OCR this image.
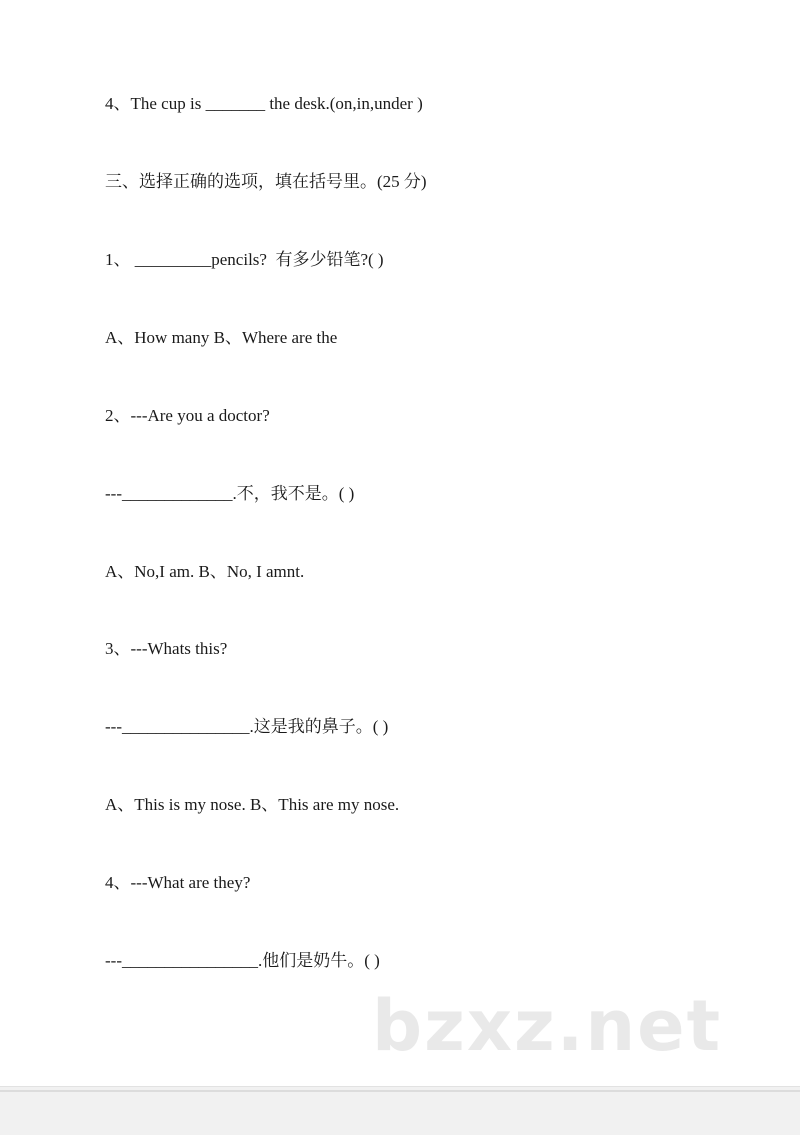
4、The cup is _______ the desk.(on,in,under )
三、选择正确的选项，填在括号里。(25 分)
1、 _________pencils?  有多少铅笔?( )
A、How many B、Where are the
2、---Are you a doctor?
---_____________.不，我不是。( )
A、No,I am. B、No, I amnt.
3、---Whats this?
---_______________.这是我的鼻子。( )
A、This is my nose. B、This are my nose.
4、---What are they?
---________________.他们是奶牛。( )
bzxz.net
